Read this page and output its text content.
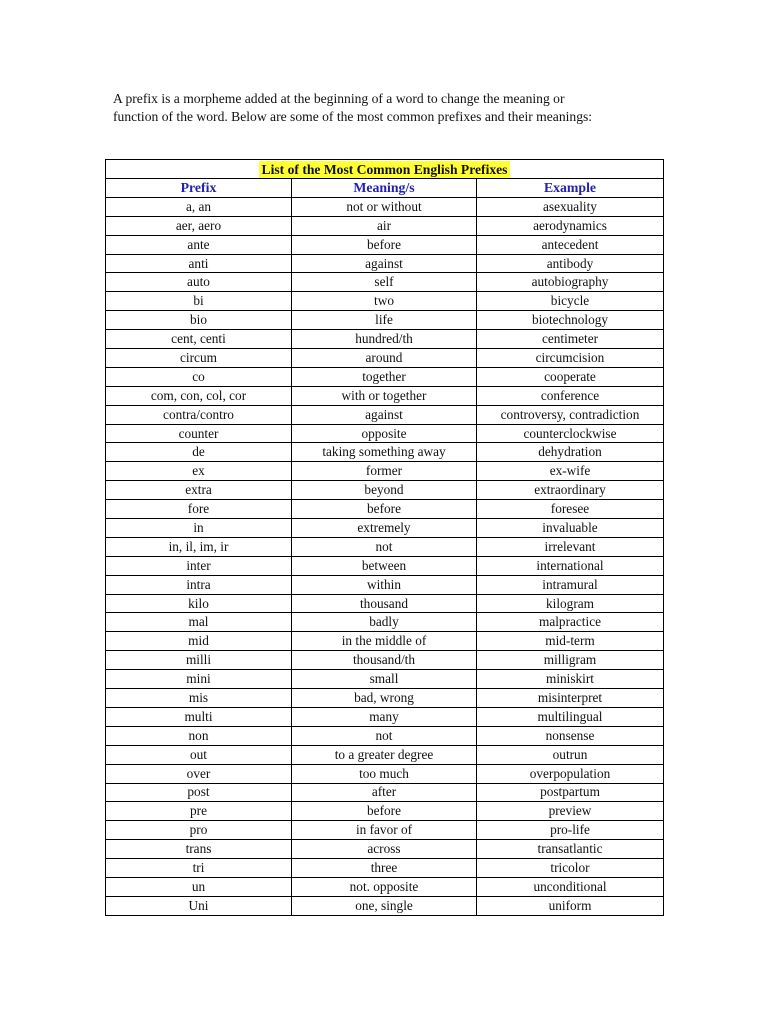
A prefix is a morpheme added at the beginning of a word to change the meaning or
function of the word. Below are some of the most common prefixes and their meanings:

List of the Most Common English Prefixes		
Prefix	Meaning/s	Example
a, an	not or without	asexuality
aer, aero	air	aerodynamics
ante	before	antecedent
anti	against	antibody
auto	self	autobiography
bi	two	bicycle
bio	life	biotechnology
cent, centi	hundred/th	centimeter
circum	around	circumcision
co	together	cooperate
com, con, col, cor	with or together	conference
contra/contro	against	controversy, contradiction
counter	opposite	counterclockwise
de	taking something away	dehydration
ex	former	ex-wife
extra	beyond	extraordinary
fore	before	foresee
in	extremely	invaluable
in, il, im, ir	not	irrelevant
inter	between	international
intra	within	intramural
kilo	thousand	kilogram
mal	badly	malpractice
mid	in the middle of	mid-term
milli	thousand/th	milligram
mini	small	miniskirt
mis	bad, wrong	misinterpret
multi	many	multilingual
non	not	nonsense
out	to a greater degree	outrun
over	too much	overpopulation
post	after	postpartum
pre	before	preview
pro	in favor of	pro-life
trans	across	transatlantic
tri	three	tricolor
un	not. opposite	unconditional
Uni	one, single	uniform
